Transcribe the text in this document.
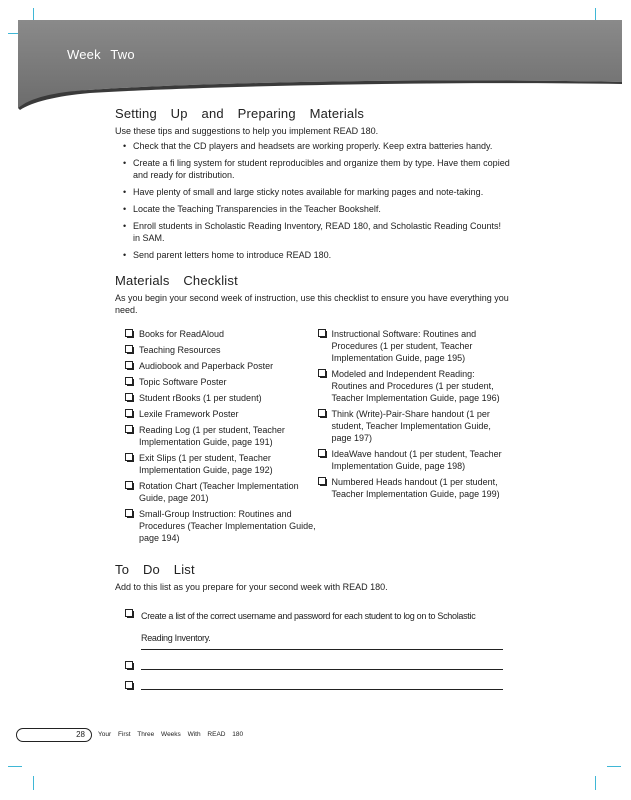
Week Two
Setting Up and Preparing Materials

Use these tips and suggestions to help you implement READ 180.

• Check that the CD players and headsets are working properly. Keep extra batteries handy.
• Create a fi ling system for student reproducibles and organize them by type. Have them copied and ready for distribution.
• Have plenty of small and large sticky notes available for marking pages and note-taking.
• Locate the Teaching Transparencies in the Teacher Bookshelf.
• Enroll students in Scholastic Reading Inventory, READ 180, and Scholastic Reading Counts! in SAM.
• Send parent letters home to introduce READ 180.
Materials Checklist

As you begin your second week of instruction, use this checklist to ensure you have everything you need.

Books for ReadAloud
Teaching Resources
Audiobook and Paperback Poster
Topic Software Poster
Student rBooks (1 per student)
Lexile Framework Poster
Reading Log (1 per student, Teacher Implementation Guide, page 191)
Exit Slips (1 per student, Teacher Implementation Guide, page 192)
Rotation Chart (Teacher Implementation Guide, page 201)
Small-Group Instruction: Routines and Procedures (Teacher Implementation Guide, page 194)
Instructional Software: Routines and Procedures (1 per student, Teacher Implementation Guide, page 195)
Modeled and Independent Reading: Routines and Procedures (1 per student, Teacher Implementation Guide, page 196)
Think (Write)-Pair-Share handout (1 per student, Teacher Implementation Guide, page 197)
IdeaWave handout (1 per student, Teacher Implementation Guide, page 198)
Numbered Heads handout (1 per student, Teacher Implementation Guide, page 199)
To Do List

Add to this list as you prepare for your second week with READ 180.

Create a list of the correct username and password for each student to log on to Scholastic Reading Inventory.
28 Your First Three Weeks With READ 180
